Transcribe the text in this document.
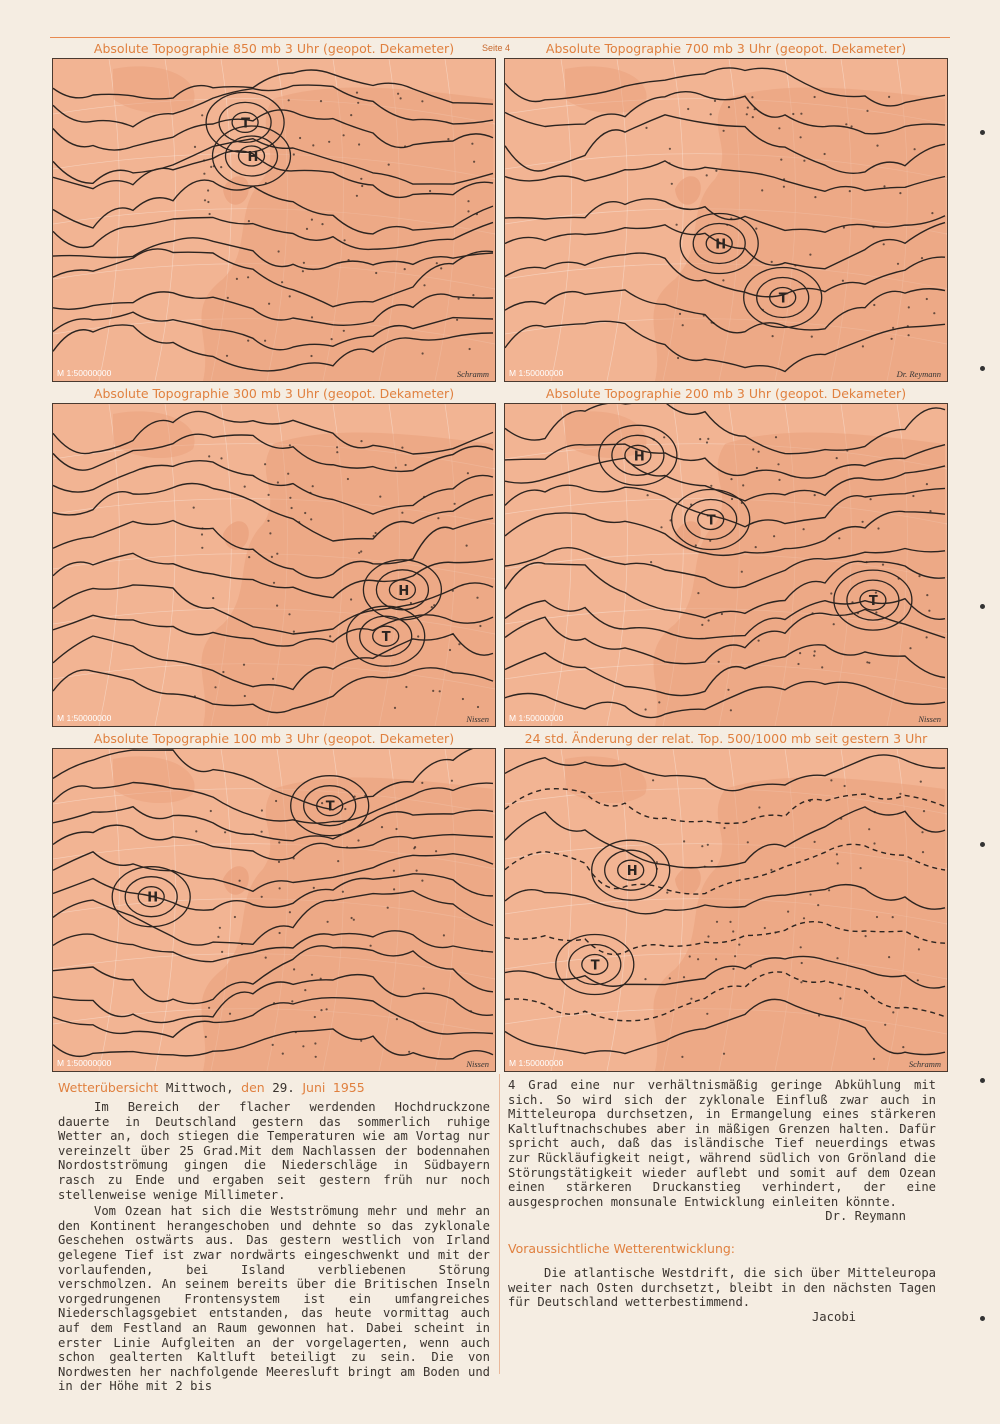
Seite 4
Absolute Topographie 850 mb 3 Uhr (geopot. Dekameter)
T
H
M 1:50000000	Schramm
Absolute Topographie 700 mb 3 Uhr (geopot. Dekameter)
T
H
M 1:50000000	Dr. Reymann
Absolute Topographie 300 mb 3 Uhr (geopot. Dekameter)
T
H
M 1:50000000	Nissen
Absolute Topographie 200 mb 3 Uhr (geopot. Dekameter)
T
H
T
M 1:50000000	Nissen
Absolute Topographie 100 mb 3 Uhr (geopot. Dekameter)
T
H
M 1:50000000	Nissen
24 std. Änderung der relat. Top. 500/1000 mb seit gestern 3 Uhr
T
H
M 1:50000000	Schramm
Wetterübersicht Mittwoch, den 29. Juni 1955

Im Bereich der flacher werdenden Hochdruckzone dauerte in Deutschland gestern das sommerlich ruhige Wetter an, doch stiegen die Temperaturen wie am Vortag nur vereinzelt über 25 Grad.Mit dem Nachlassen der bodennahen Nordostströmung gingen die Niederschläge in Südbayern rasch zu Ende und ergaben seit gestern früh nur noch stellenweise wenige Millimeter.

Vom Ozean hat sich die Westströmung mehr und mehr an den Kontinent herangeschoben und dehnte so das zyklonale Geschehen ostwärts aus. Das gestern westlich von Irland gelegene Tief ist zwar nordwärts eingeschwenkt und mit der vorlaufenden, bei Island verbliebenen Störung verschmolzen. An seinem bereits über die Britischen Inseln vorgedrungenen Frontensystem ist ein umfangreiches Niederschlagsgebiet entstanden, das heute vormittag auch auf dem Festland an Raum gewonnen hat. Dabei scheint in erster Linie Aufgleiten an der vorgelagerten, wenn auch schon gealterten Kaltluft beteiligt zu sein. Die von Nordwesten her nachfolgende Meeresluft bringt am Boden und in der Höhe mit 2 bis

4 Grad eine nur verhältnismäßig geringe Abkühlung mit sich. So wird sich der zyklonale Einfluß zwar auch in Mitteleuropa durchsetzen, in Ermangelung eines stärkeren Kaltluftnachschubes aber in mäßigen Grenzen halten. Dafür spricht auch, daß das isländische Tief neuerdings etwas zur Rückläufigkeit neigt, während südlich von Grönland die Störungstätigkeit wieder auflebt und somit auf dem Ozean einen stärkeren Druckanstieg verhindert, der eine ausgesprochen monsunale Entwicklung einleiten könnte.

Dr. Reymann
Voraussichtliche Wetterentwicklung:

Die atlantische Westdrift, die sich über Mitteleuropa weiter nach Osten durchsetzt, bleibt in den nächsten Tagen für Deutschland wetterbestimmend.

Jacobi
